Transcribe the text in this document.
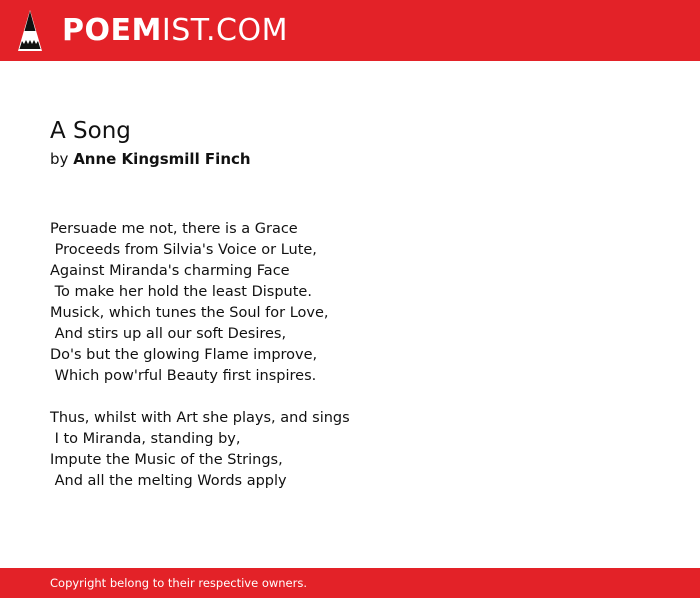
POEMIST.COM
A Song
by Anne Kingsmill Finch
Persuade me not, there is a Grace
Proceeds from Silvia's Voice or Lute,
Against Miranda's charming Face
To make her hold the least Dispute.
Musick, which tunes the Soul for Love,
And stirs up all our soft Desires,
Do's but the glowing Flame improve,
Which pow'rful Beauty first inspires.
Thus, whilst with Art she plays, and sings
I to Miranda, standing by,
Impute the Music of the Strings,
And all the melting Words apply
Copyright belong to their respective owners.
